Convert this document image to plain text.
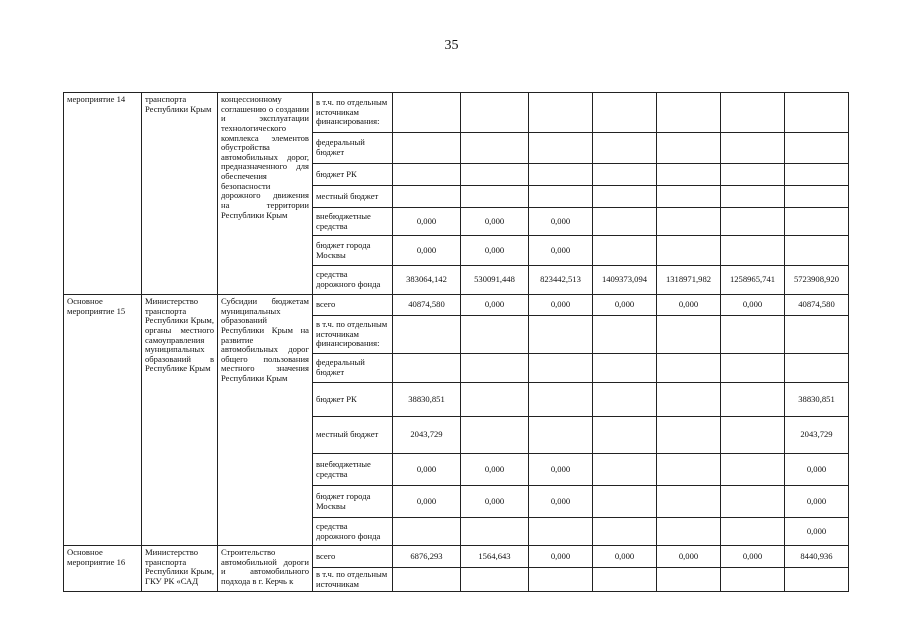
35
мероприятие 14	транспорта Республики Крым	концессионному соглашению о создании и эксплуатации технологического комплекса элементов обустройства автомобильных дорог, предназначенного для обеспечения безопасности дорожного движения на территории Республики Крым	в т.ч. по отдельным источникам финансирования:							
			федеральный бюджет							
			бюджет РК							
			местный бюджет							
			внебюджетные средства	0,000	0,000	0,000				
			бюджет города Москвы	0,000	0,000	0,000				
			средства дорожного фонда	383064,142	530091,448	823442,513	1409373,094	1318971,982	1258965,741	5723908,920
Основное мероприятие 15	Министерство транспорта Республики Крым, органы местного самоуправления муниципальных образований в Республике Крым	Субсидии бюджетам муниципальных образований Республики Крым на развитие автомобильных дорог общего пользования местного значения Республики Крым	всего	40874,580	0,000	0,000	0,000	0,000	0,000	40874,580
			в т.ч. по отдельным источникам финансирования:							
			федеральный бюджет							
			бюджет РК	38830,851						38830,851
			местный бюджет	2043,729						2043,729
			внебюджетные средства	0,000	0,000	0,000				0,000
			бюджет города Москвы	0,000	0,000	0,000				0,000
			средства дорожного фонда							0,000
Основное мероприятие 16	Министерство транспорта Республики Крым, ГКУ РК «САД	Строительство автомобильной дороги и автомобильного подхода в г. Керчь к	всего	6876,293	1564,643	0,000	0,000	0,000	0,000	8440,936
			в т.ч. по отдельным источникам							
